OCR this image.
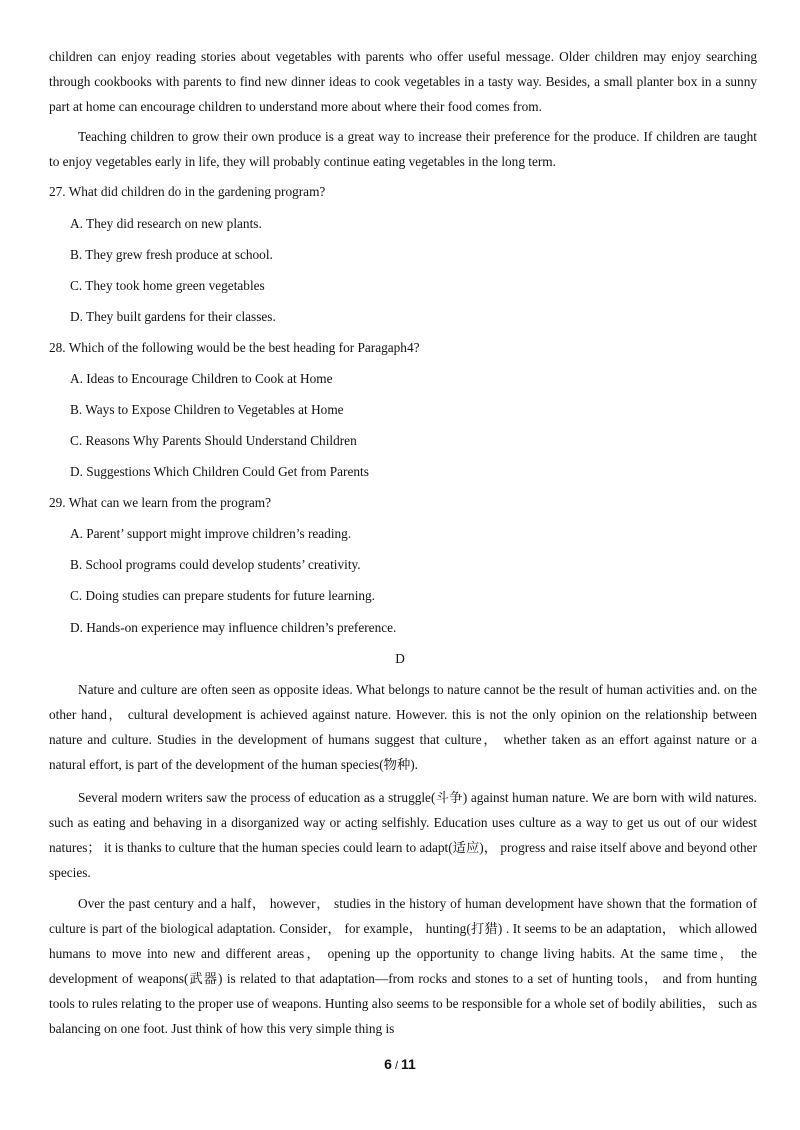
children can enjoy reading stories about vegetables with parents who offer useful message. Older children may enjoy searching through cookbooks with parents to find new dinner ideas to cook vegetables in a tasty way. Besides, a small planter box in a sunny part at home can encourage children to understand more about where their food comes from.

Teaching children to grow their own produce is a great way to increase their preference for the produce. If children are taught to enjoy vegetables early in life, they will probably continue eating vegetables in the long term.

27. What did children do in the gardening program?

A. They did research on new plants.

B. They grew fresh produce at school.

C. They took home green vegetables

D. They built gardens for their classes.

28. Which of the following would be the best heading for Paragaph4?

A. Ideas to Encourage Children to Cook at Home

B. Ways to Expose Children to Vegetables at Home

C. Reasons Why Parents Should Understand Children

D. Suggestions Which Children Could Get from Parents

29. What can we learn from the program?

A. Parent’ support might improve children’s reading.

B. School programs could develop students’ creativity.

C. Doing studies can prepare students for future learning.

D. Hands-on experience may influence children’s preference.

D

Nature and culture are often seen as opposite ideas. What belongs to nature cannot be the result of human activities and. on the other hand， cultural development is achieved against nature. However. this is not the only opinion on the relationship between nature and culture. Studies in the development of humans suggest that culture， whether taken as an effort against nature or a natural effort, is part of the development of the human species(物种).

Several modern writers saw the process of education as a struggle(斗争) against human nature. We are born with wild natures. such as eating and behaving in a disorganized way or acting selfishly. Education uses culture as a way to get us out of our widest natures； it is thanks to culture that the human species could learn to adapt(适应)， progress and raise itself above and beyond other species.

Over the past century and a half， however， studies in the history of human development have shown that the formation of culture is part of the biological adaptation. Consider， for example， hunting(打猎) . It seems to be an adaptation， which allowed humans to move into new and different areas， opening up the opportunity to change living habits. At the same time， the development of weapons(武器) is related to that adaptation—from rocks and stones to a set of hunting tools， and from hunting tools to rules relating to the proper use of weapons. Hunting also seems to be responsible for a whole set of bodily abilities， such as balancing on one foot. Just think of how this very simple thing is

6 / 11
